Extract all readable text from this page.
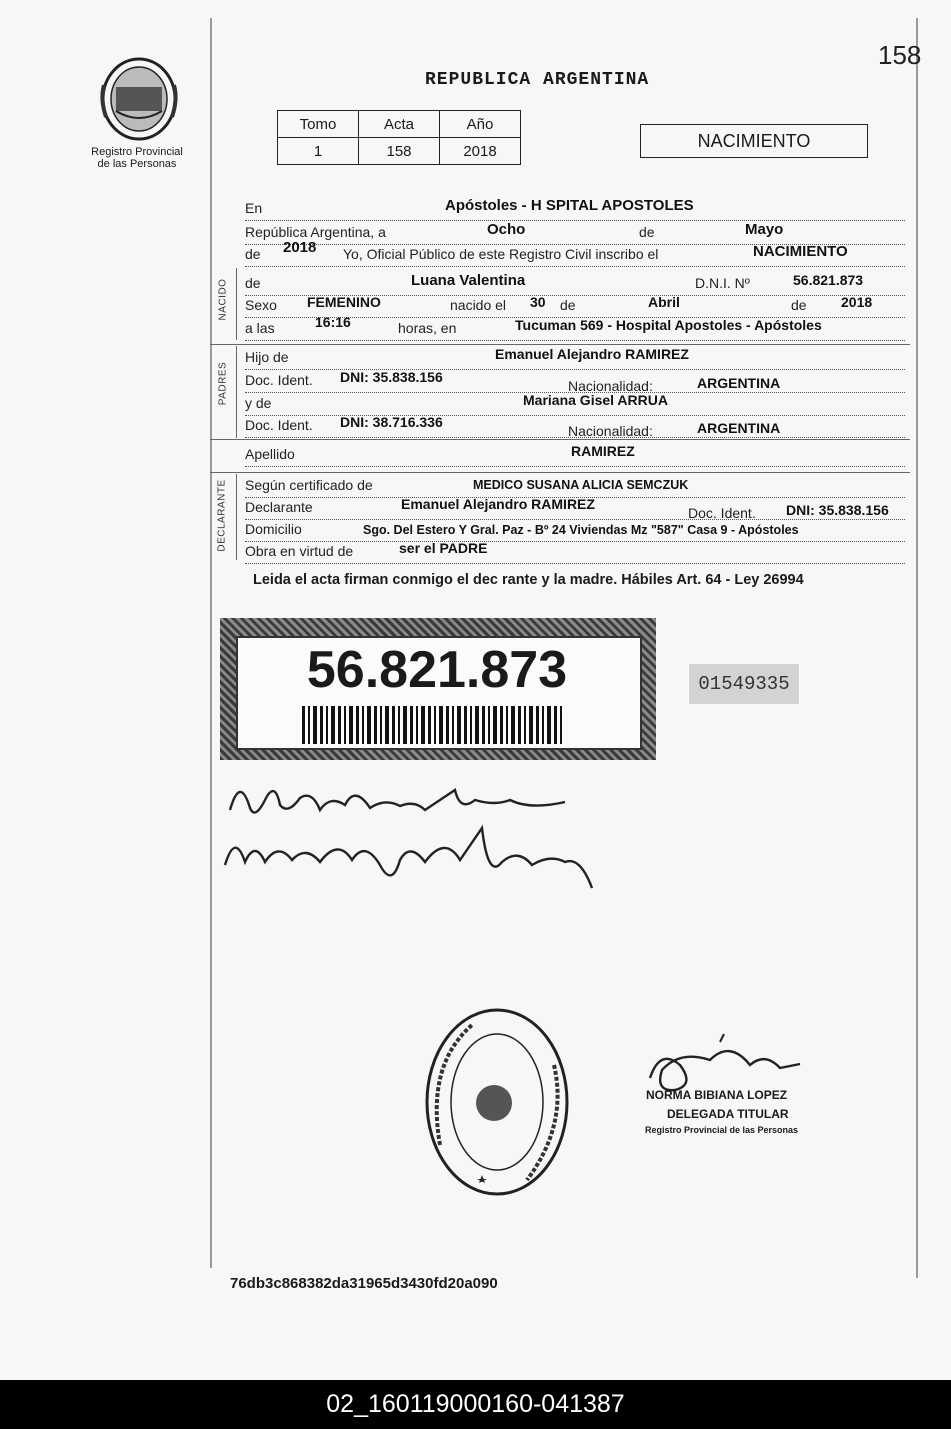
158
Registro Provincial
de las Personas
REPUBLICA ARGENTINA
Tomo	Acta	Año
1	158	2018	NACIMIENTO
En	Apóstoles - H SPITAL APOSTOLES
República Argentina, a	Ocho	de	Mayo
de 2018 Yo, Oficial Público de este Registro Civil inscribo el	NACIMIENTO
NACIDO de	Luana Valentina	D.N.I. Nº	56.821.873
Sexo FEMENINO	nacido el 30 de	Abril	de 2018
a las	16:16	horas, en	Tucuman 569 - Hospital Apostoles - Apóstoles
PADRES
Hijo de	Emanuel Alejandro RAMIREZ
Doc. Ident. DNI: 35.838.156
Nacionalidad:	ARGENTINA
y de	Mariana Gisel ARRUA
Doc. Ident. DNI: 38.716.336
Nacionalidad:	ARGENTINA
Apellido	RAMIREZ
DECLARANTE Según certificado de	MEDICO SUSANA ALICIA SEMCZUK
Declarante	Emanuel Alejandro RAMIREZ
Doc. Ident. DNI: 35.838.156
Domicilio	Sgo. Del Estero Y Gral. Paz - Bº 24 Viviendas Mz "587" Casa 9 - Apóstoles
Obra en virtud de	ser el PADRE
Leida el acta firman conmigo el dec rante y la madre. Hábiles Art. 64 - Ley 26994
56.821.873	01549335
NORMA BIBIANA LOPEZ
DELEGADA TITULAR
Registro Provincial de las Personas
76db3c868382da31965d3430fd20a090
02_160119000160-041387
